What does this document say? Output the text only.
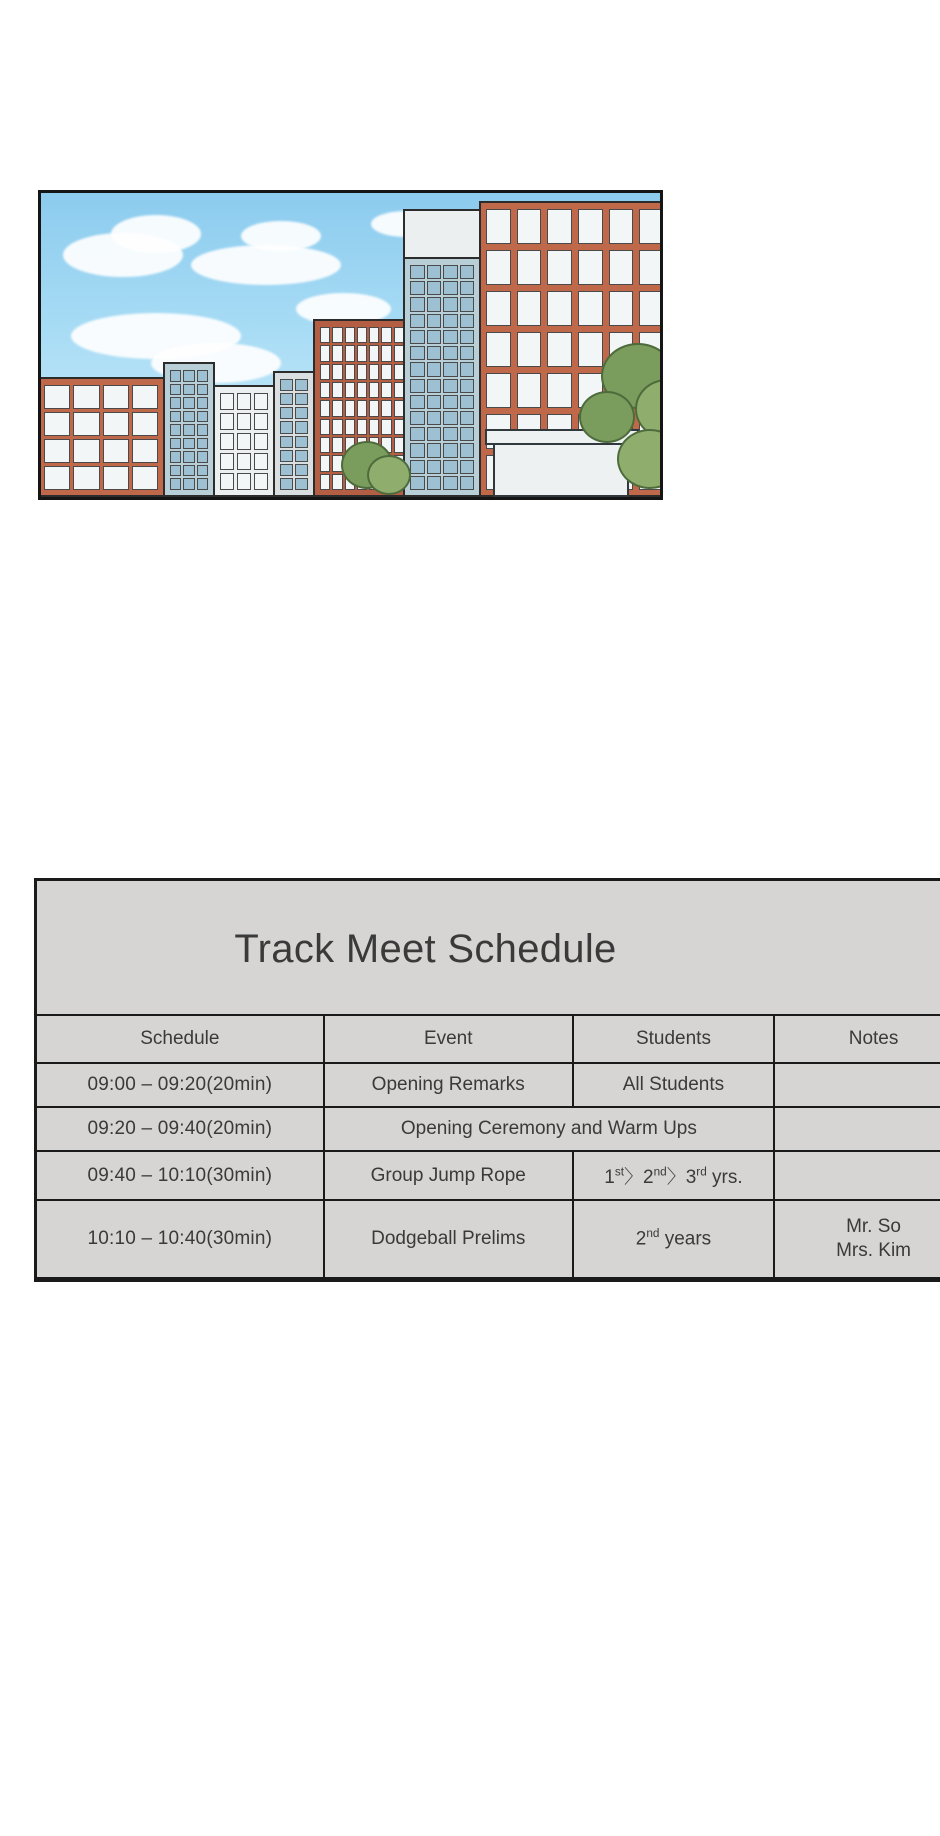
Track Meet Schedule
Schedule	Event	Students	Notes
09:00 – 09:20(20min)	Opening Remarks	All Students	
09:20 – 09:40(20min)	Opening Ceremony and Warm Ups		
09:40 – 10:10(30min)	Group Jump Rope	1st〉2nd〉3rd yrs.	
10:10 – 10:40(30min)	Dodgeball Prelims	2nd years	Mr. So
Mrs. Kim
